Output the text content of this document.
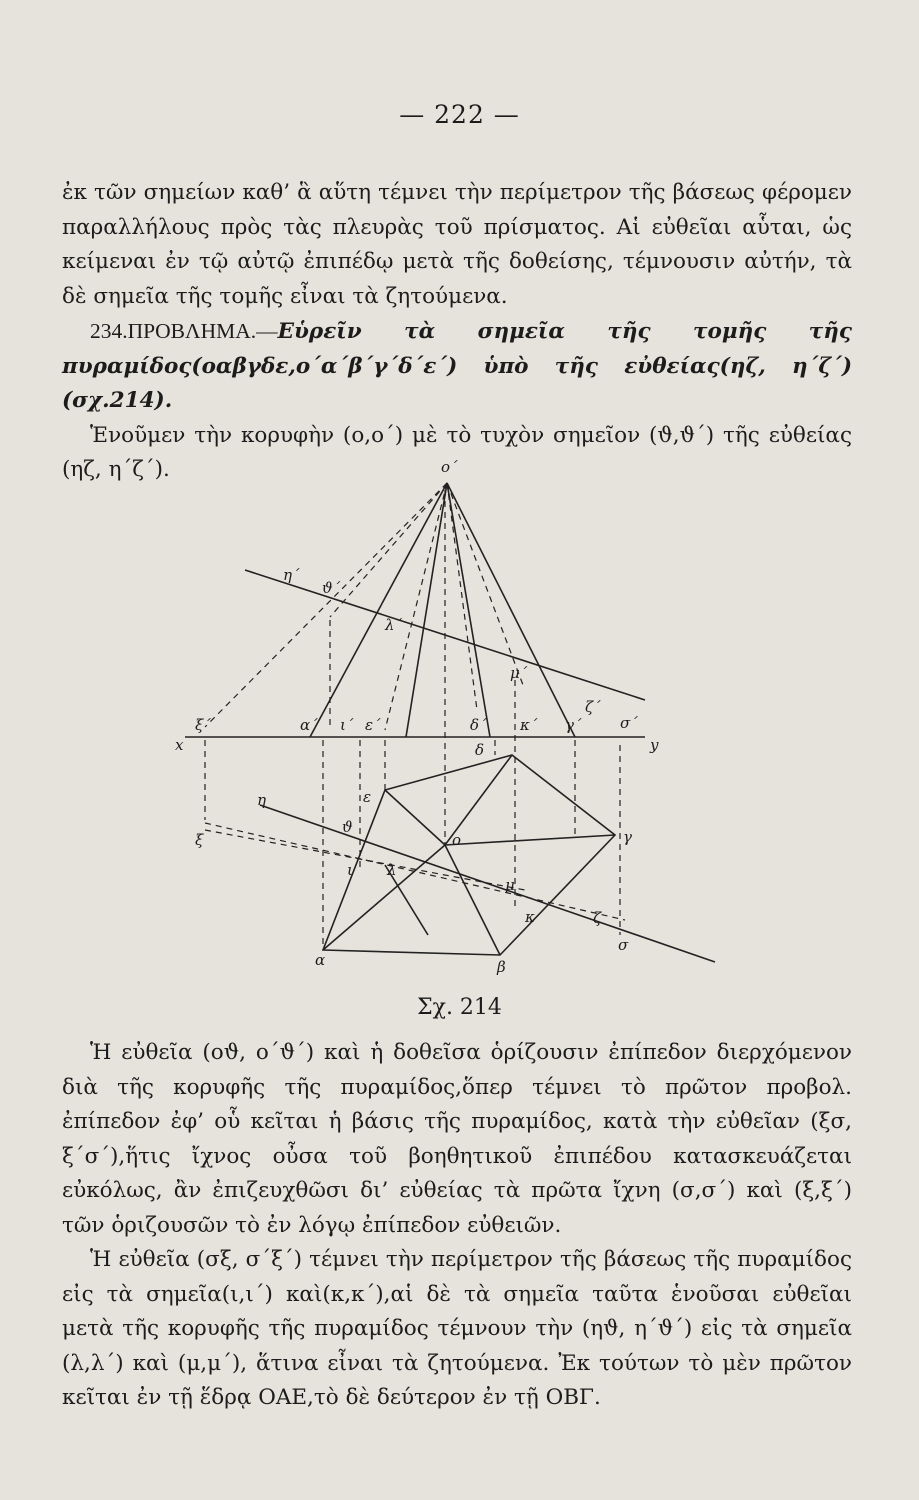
— 222 —

ἐκ τῶν σημείων καθ’ ἃ αὕτη τέμνει τὴν περίμετρον τῆς βάσεως φέρομεν παραλλήλους πρὸς τὰς πλευρὰς τοῦ πρίσματος. Αἱ εὐθεῖαι αὗται, ὡς κείμεναι ἐν τῷ αὐτῷ ἐπιπέδῳ μετὰ τῆς δοθείσης, τέμνουσιν αὐτήν, τὰ δὲ σημεῖα τῆς τομῆς εἶναι τὰ ζητούμενα.

234.ΠΡΟΒΛΗΜΑ.—Εὑρεῖν τὰ σημεῖα τῆς τομῆς τῆς πυραμίδος(οαβγδε,ο΄α΄β΄γ΄δ΄ε΄) ὑπὸ τῆς εὐθείας(ηζ, η΄ζ΄) (σχ.214).

Ἑνοῦμεν τὴν κορυφὴν (ο,ο΄) μὲ τὸ τυχὸν σημεῖον (ϑ,ϑ΄) τῆς εὐθείας (ηζ, η΄ζ΄).	ο΄
η΄
ϑ΄
λ΄
μ΄
ζ΄
σ΄
x	y
ξ΄	α΄ ι΄ ε΄	δ΄ κ΄ γ΄
δ
ε
η
ϑ
ξ	ο	γ
ι λ
μ
κ	ζ
α	β
σ
Σχ. 214

Ἡ εὐθεῖα (οϑ, ο΄ϑ΄) καὶ ἡ δοθεῖσα ὁρίζουσιν ἐπίπεδον διερχόμενον διὰ τῆς κορυφῆς τῆς πυραμίδος,ὅπερ τέμνει τὸ πρῶτον προβολ. ἐπίπεδον ἐφ’ οὗ κεῖται ἡ βάσις τῆς πυραμίδος, κατὰ τὴν εὐθεῖαν (ξσ, ξ΄σ΄),ἥτις ἴχνος οὖσα τοῦ βοηθητικοῦ ἐπιπέδου κατασκευάζεται εὐκόλως, ἂν ἐπιζευχθῶσι δι’ εὐθείας τὰ πρῶτα ἴχνη (σ,σ΄) καὶ (ξ,ξ΄) τῶν ὁριζουσῶν τὸ ἐν λόγῳ ἐπίπεδον εὐθειῶν.

Ἡ εὐθεῖα (σξ, σ΄ξ΄) τέμνει τὴν περίμετρον τῆς βάσεως τῆς πυραμίδος εἰς τὰ σημεῖα(ι,ι΄) καὶ(κ,κ΄),αἱ δὲ τὰ σημεῖα ταῦτα ἑνοῦσαι εὐθεῖαι μετὰ τῆς κορυφῆς τῆς πυραμίδος τέμνουν τὴν (ηϑ, η΄ϑ΄) εἰς τὰ σημεῖα (λ,λ΄) καὶ (μ,μ΄), ἅτινα εἶναι τὰ ζητούμενα. Ἐκ τούτων τὸ μὲν πρῶτον κεῖται ἐν τῇ ἕδρᾳ ΟΑΕ,τὸ δὲ δεύτερον ἐν τῇ ΟΒΓ.
